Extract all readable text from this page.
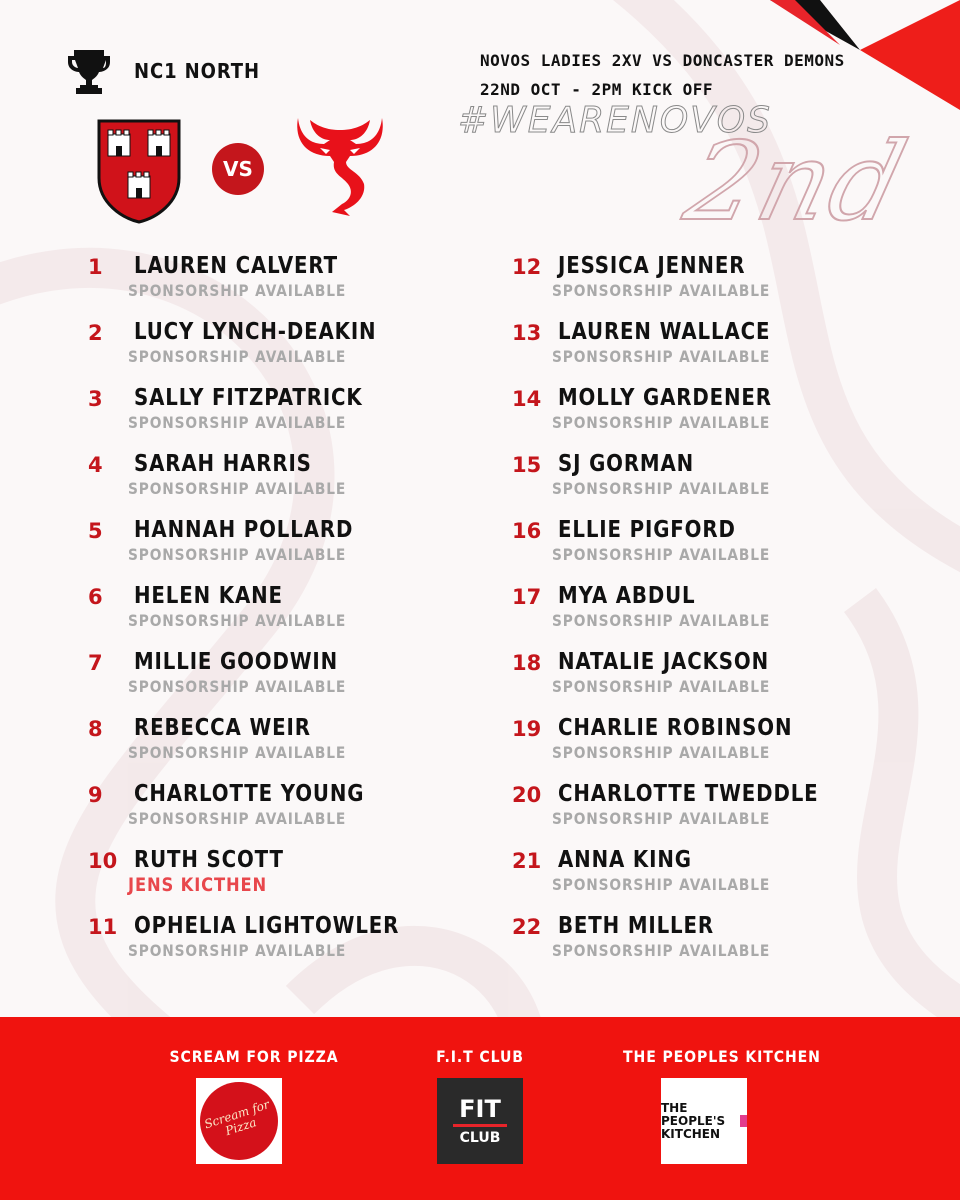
NC1 NORTH
VS
NOVOS LADIES 2XV VS DONCASTER DEMONS
22ND OCT - 2PM KICK OFF
#WEARENOVOS
2nd
1 LAUREN CALVERT
SPONSORSHIP AVAILABLE
2 LUCY LYNCH-DEAKIN
SPONSORSHIP AVAILABLE
3 SALLY FITZPATRICK
SPONSORSHIP AVAILABLE
4 SARAH HARRIS
SPONSORSHIP AVAILABLE
5 HANNAH POLLARD
SPONSORSHIP AVAILABLE
6 HELEN KANE
SPONSORSHIP AVAILABLE
7 MILLIE GOODWIN
SPONSORSHIP AVAILABLE
8 REBECCA WEIR
SPONSORSHIP AVAILABLE
9 CHARLOTTE YOUNG
SPONSORSHIP AVAILABLE
10 RUTH SCOTT
JENS KICTHEN
11 OPHELIA LIGHTOWLER
SPONSORSHIP AVAILABLE
12 JESSICA JENNER
SPONSORSHIP AVAILABLE
13 LAUREN WALLACE
SPONSORSHIP AVAILABLE
14 MOLLY GARDENER
SPONSORSHIP AVAILABLE
15 SJ GORMAN
SPONSORSHIP AVAILABLE
16 ELLIE PIGFORD
SPONSORSHIP AVAILABLE
17 MYA ABDUL
SPONSORSHIP AVAILABLE
18 NATALIE JACKSON
SPONSORSHIP AVAILABLE
19 CHARLIE ROBINSON
SPONSORSHIP AVAILABLE
20 CHARLOTTE TWEDDLE
SPONSORSHIP AVAILABLE
21 ANNA KING
SPONSORSHIP AVAILABLE
22 BETH MILLER
SPONSORSHIP AVAILABLE
SCREAM FOR PIZZA
Scream for Pizza
F.I.T CLUB
FIT
CLUB
THE PEOPLES KITCHEN
THE PEOPLE'S KITCHEN
